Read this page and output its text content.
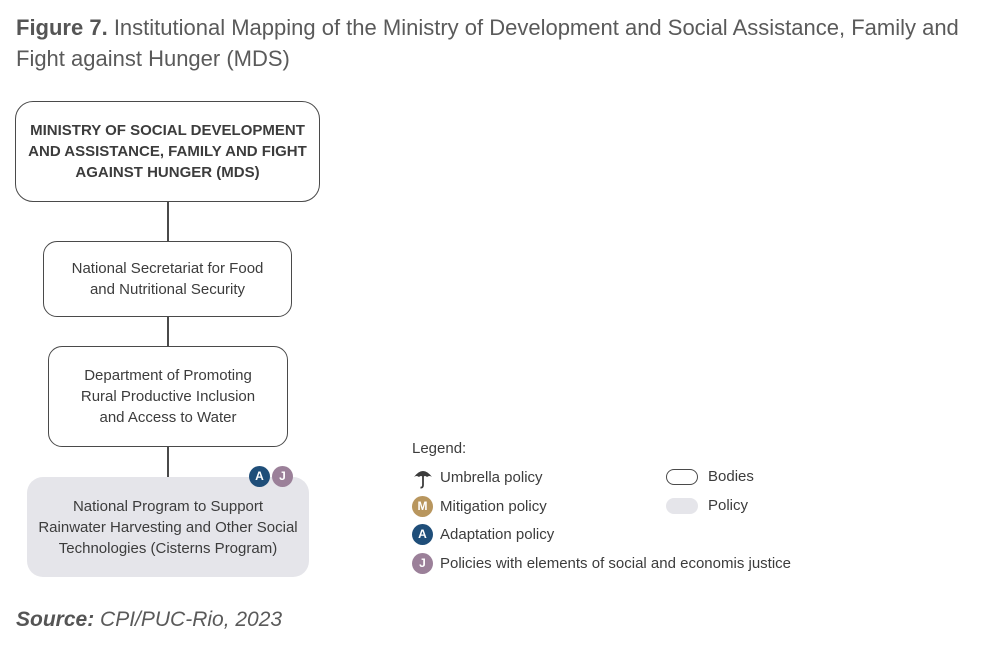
Figure 7. Institutional Mapping of the Ministry of Development and Social Assistance, Family and Fight against Hunger (MDS)
MINISTRY OF SOCIAL DEVELOPMENT
AND ASSISTANCE, FAMILY AND FIGHT
AGAINST HUNGER (MDS)
National Secretariat for Food
and Nutritional Security
Department of Promoting
Rural Productive Inclusion
and Access to Water
National Program to Support
Rainwater Harvesting and Other Social
Technologies (Cisterns Program)
A	J
Legend:
Umbrella policy
M Mitigation policy
A Adaptation policy
J Policies with elements of social and economis justice
Bodies
Policy
Source: CPI/PUC-Rio, 2023
